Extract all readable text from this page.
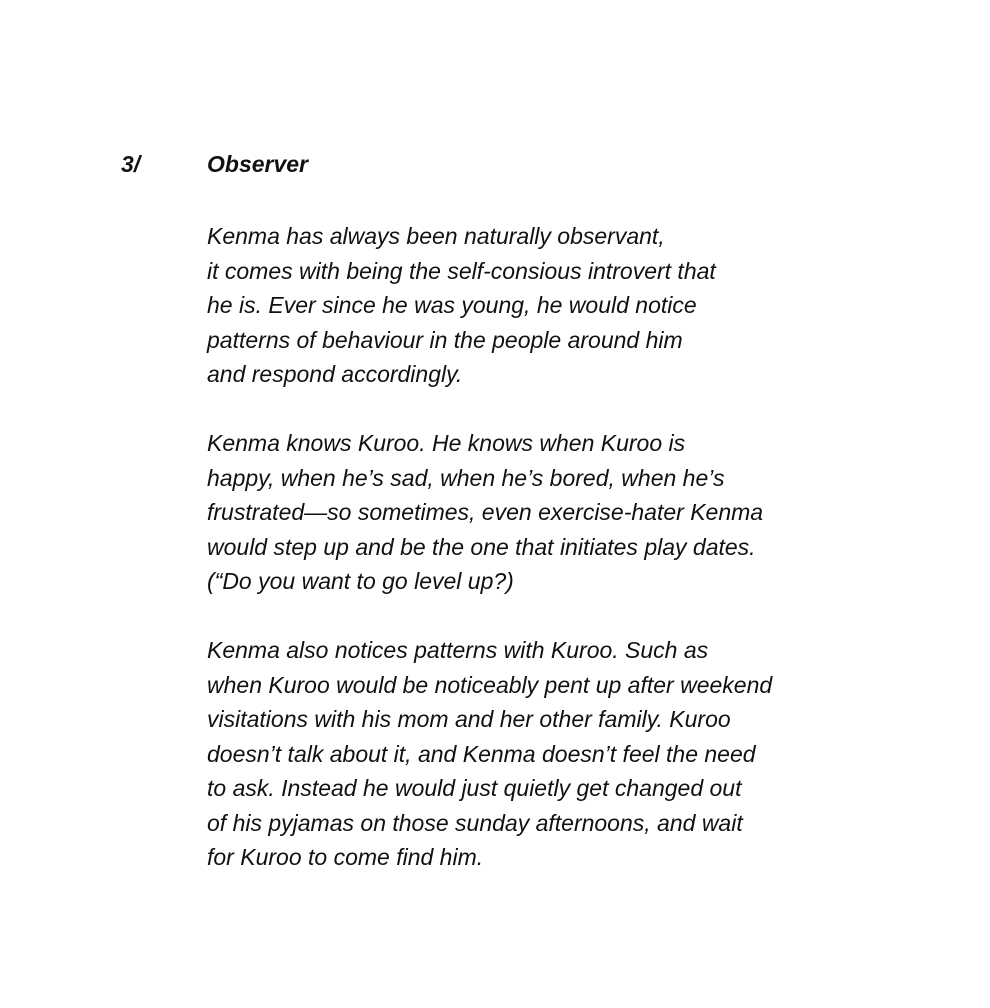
3/	Observer

Kenma has always been naturally observant,
it comes with being the self-consious introvert that
he is. Ever since he was young, he would notice
patterns of behaviour in the people around him
and respond accordingly.

Kenma knows Kuroo. He knows when Kuroo is
happy, when he’s sad, when he’s bored, when he’s
frustrated—so sometimes, even exercise-hater Kenma
would step up and be the one that initiates play dates.
(“Do you want to go level up?)

Kenma also notices patterns with Kuroo. Such as
when Kuroo would be noticeably pent up after weekend
visitations with his mom and her other family. Kuroo
doesn’t talk about it, and Kenma doesn’t feel the need
to ask. Instead he would just quietly get changed out
of his pyjamas on those sunday afternoons, and wait
for Kuroo to come find him.
